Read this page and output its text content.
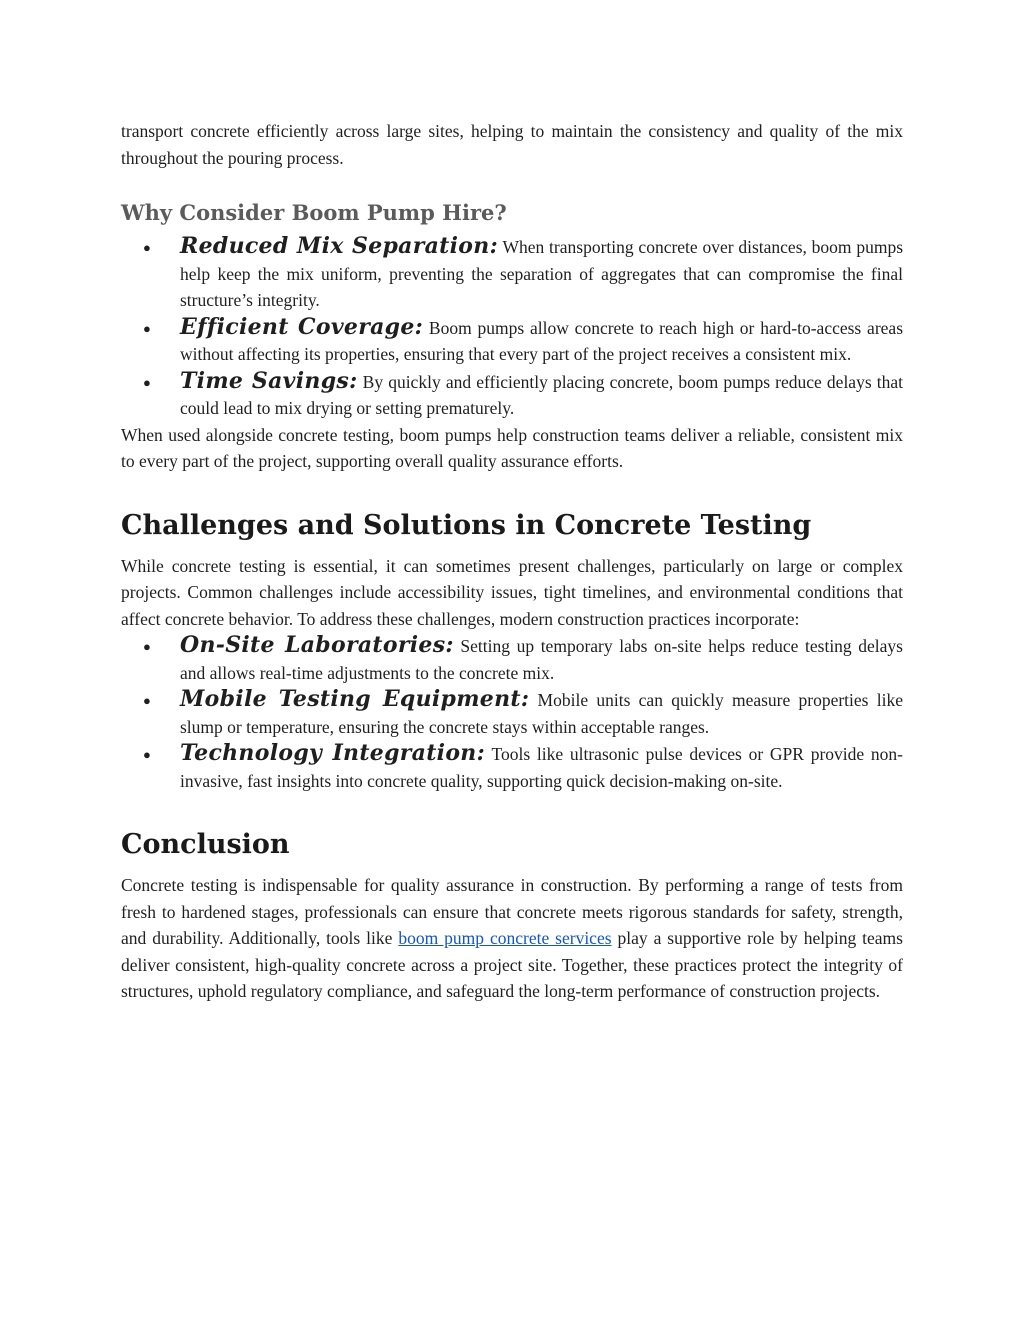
transport concrete efficiently across large sites, helping to maintain the consistency and quality of the mix throughout the pouring process.

Why Consider Boom Pump Hire?
● Reduced Mix Separation: When transporting concrete over distances, boom pumps help keep the mix uniform, preventing the separation of aggregates that can compromise the final structure’s integrity.
● Efficient Coverage: Boom pumps allow concrete to reach high or hard-to-access areas without affecting its properties, ensuring that every part of the project receives a consistent mix.
● Time Savings: By quickly and efficiently placing concrete, boom pumps reduce delays that could lead to mix drying or setting prematurely.

When used alongside concrete testing, boom pumps help construction teams deliver a reliable, consistent mix to every part of the project, supporting overall quality assurance efforts.

Challenges and Solutions in Concrete Testing

While concrete testing is essential, it can sometimes present challenges, particularly on large or complex projects. Common challenges include accessibility issues, tight timelines, and environmental conditions that affect concrete behavior. To address these challenges, modern construction practices incorporate:

● On-Site Laboratories: Setting up temporary labs on-site helps reduce testing delays and allows real-time adjustments to the concrete mix.
● Mobile Testing Equipment: Mobile units can quickly measure properties like slump or temperature, ensuring the concrete stays within acceptable ranges.
● Technology Integration: Tools like ultrasonic pulse devices or GPR provide non-invasive, fast insights into concrete quality, supporting quick decision-making on-site.
Conclusion

Concrete testing is indispensable for quality assurance in construction. By performing a range of tests from fresh to hardened stages, professionals can ensure that concrete meets rigorous standards for safety, strength, and durability. Additionally, tools like boom pump concrete services play a supportive role by helping teams deliver consistent, high-quality concrete across a project site. Together, these practices protect the integrity of structures, uphold regulatory compliance, and safeguard the long-term performance of construction projects.
